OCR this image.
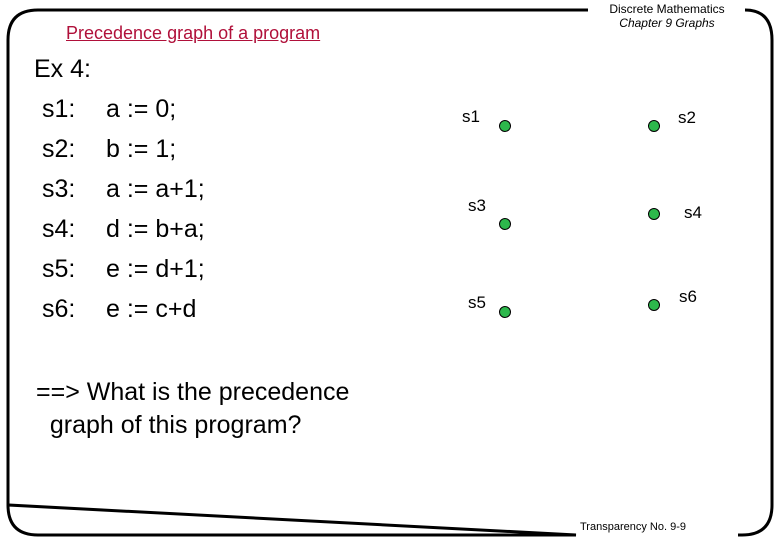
Discrete Mathematics
Chapter 9 Graphs
Precedence graph of a program
Ex 4:
s1: a := 0;
s2: b := 1;
s3: a := a+1;
s4: d := b+a;
s5: e := d+1;
s6: e := c+d
==> What is the precedence
graph of this program?
s1	s2
s3	s4
s5	s6
Transparency No. 9-9
